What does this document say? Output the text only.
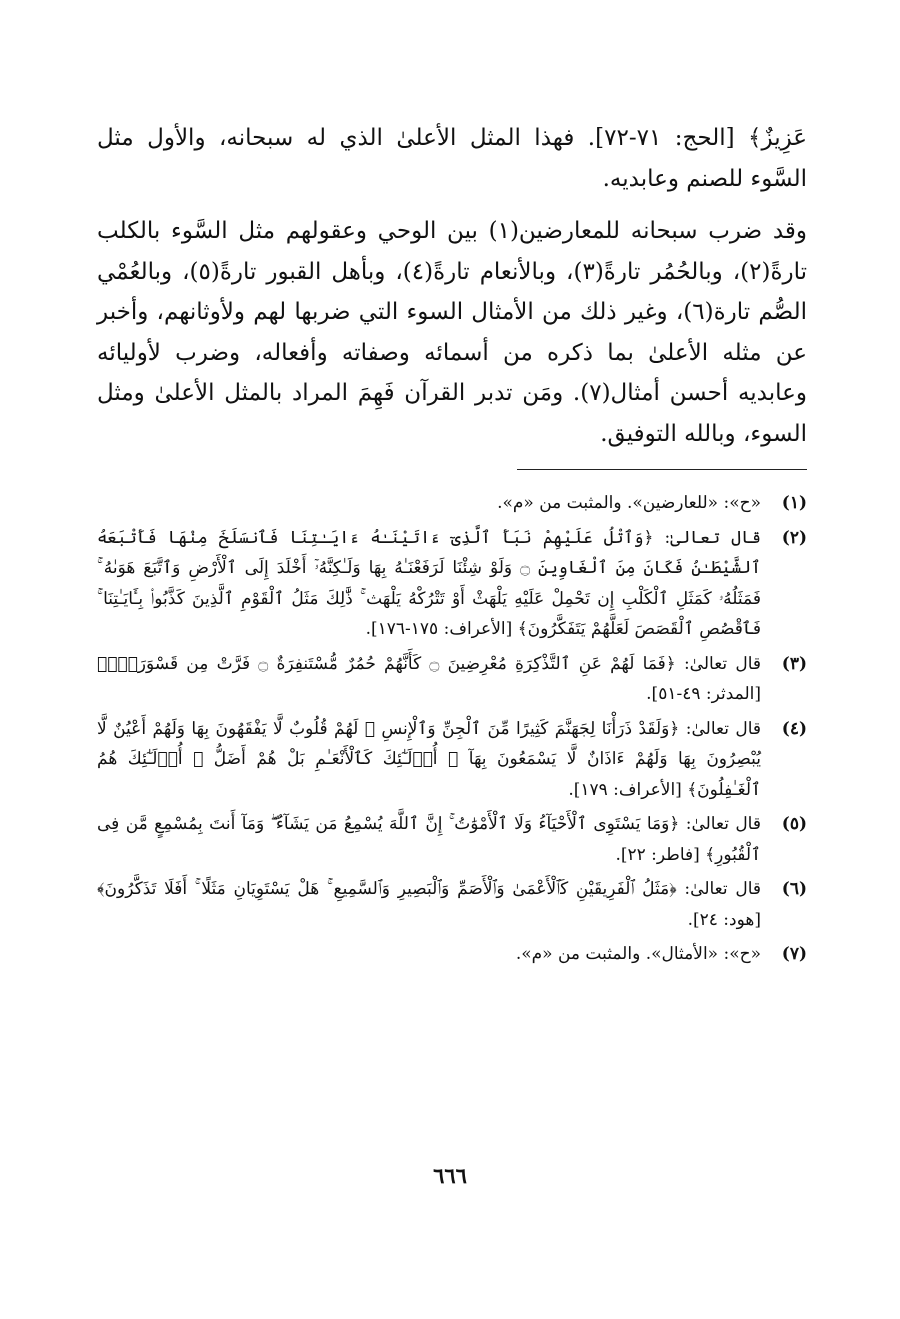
عَزِيزٌ﴾ [الحج: ٧١-٧٢]. فهذا المثل الأعلىٰ الذي له سبحانه، والأول مثل السَّوء للصنم وعابديه.

وقد ضرب سبحانه للمعارضين(١) بين الوحي وعقولهم مثل السَّوء بالكلب تارةً(٢)، وبالحُمُر تارةً(٣)، وبالأنعام تارةً(٤)، وبأهل القبور تارةً(٥)، وبالعُمْي الصُّم تارة(٦)، وغير ذلك من الأمثال السوء التي ضربها لهم ولأوثانهم، وأخبر عن مثله الأعلىٰ بما ذكره من أسمائه وصفاته وأفعاله، وضرب لأوليائه وعابديه أحسن أمثال(٧). ومَن تدبر القرآن فَهِمَ المراد بالمثل الأعلىٰ ومثل السوء، وبالله التوفيق.

(١)
«ح»: «للعارضين». والمثبت من «م».
(٢)
قال تعالىٰ: ﴿وَٱتْلُ عَلَيْهِمْ نَبَأَ ٱلَّذِىٓ ءَاتَيْنَـٰهُ ءَايَـٰتِنَا فَٱنسَلَخَ مِنْهَا فَأَتْبَعَهُ ٱلشَّيْطَـٰنُ فَكَانَ مِنَ ٱلْغَاوِينَ ۝ وَلَوْ شِئْنَا لَرَفَعْنَـٰهُ بِهَا وَلَـٰكِنَّهُۥٓ أَخْلَدَ إِلَى ٱلْأَرْضِ وَٱتَّبَعَ هَوَىٰهُ ۚ فَمَثَلُهُۥ كَمَثَلِ ٱلْكَلْبِ إِن تَحْمِلْ عَلَيْهِ يَلْهَثْ أَوْ تَتْرُكْهُ يَلْهَث ۚ ذَّٰلِكَ مَثَلُ ٱلْقَوْمِ ٱلَّذِينَ كَذَّبُوا۟ بِـَٔايَـٰتِنَا ۚ فَٱقْصُصِ ٱلْقَصَصَ لَعَلَّهُمْ يَتَفَكَّرُونَ﴾ [الأعراف: ١٧٥-١٧٦].
(٣)
قال تعالىٰ: ﴿فَمَا لَهُمْ عَنِ ٱلتَّذْكِرَةِ مُعْرِضِينَ ۝ كَأَنَّهُمْ حُمُرٌ مُّسْتَنفِرَةٌ ۝ فَرَّتْ مِن قَسْوَرَةٍۭ﴾ [المدثر: ٤٩-٥١].
(٤)
قال تعالىٰ: ﴿وَلَقَدْ ذَرَأْنَا لِجَهَنَّمَ كَثِيرًا مِّنَ ٱلْجِنِّ وَٱلْإِنسِ ۖ لَهُمْ قُلُوبٌ لَّا يَفْقَهُونَ بِهَا وَلَهُمْ أَعْيُنٌ لَّا يُبْصِرُونَ بِهَا وَلَهُمْ ءَاذَانٌ لَّا يَسْمَعُونَ بِهَآ ۚ أُو۟لَـٰٓئِكَ كَٱلْأَنْعَـٰمِ بَلْ هُمْ أَضَلُّ ۚ أُو۟لَـٰٓئِكَ هُمُ ٱلْغَـٰفِلُونَ﴾ [الأعراف: ١٧٩].
(٥)
قال تعالىٰ: ﴿وَمَا يَسْتَوِى ٱلْأَحْيَآءُ وَلَا ٱلْأَمْوَٰتُ ۚ إِنَّ ٱللَّهَ يُسْمِعُ مَن يَشَآءُ ۖ وَمَآ أَنتَ بِمُسْمِعٍ مَّن فِى ٱلْقُبُورِ﴾ [فاطر: ٢٢].
(٦)
قال تعالىٰ: ﴿مَثَلُ ٱلْفَرِيقَيْنِ كَٱلْأَعْمَىٰ وَٱلْأَصَمِّ وَٱلْبَصِيرِ وَٱلسَّمِيعِ ۚ هَلْ يَسْتَوِيَانِ مَثَلًا ۚ أَفَلَا تَذَكَّرُونَ﴾ [هود: ٢٤].
(٧)
«ح»: «الأمثال». والمثبت من «م».
٦٦٦
